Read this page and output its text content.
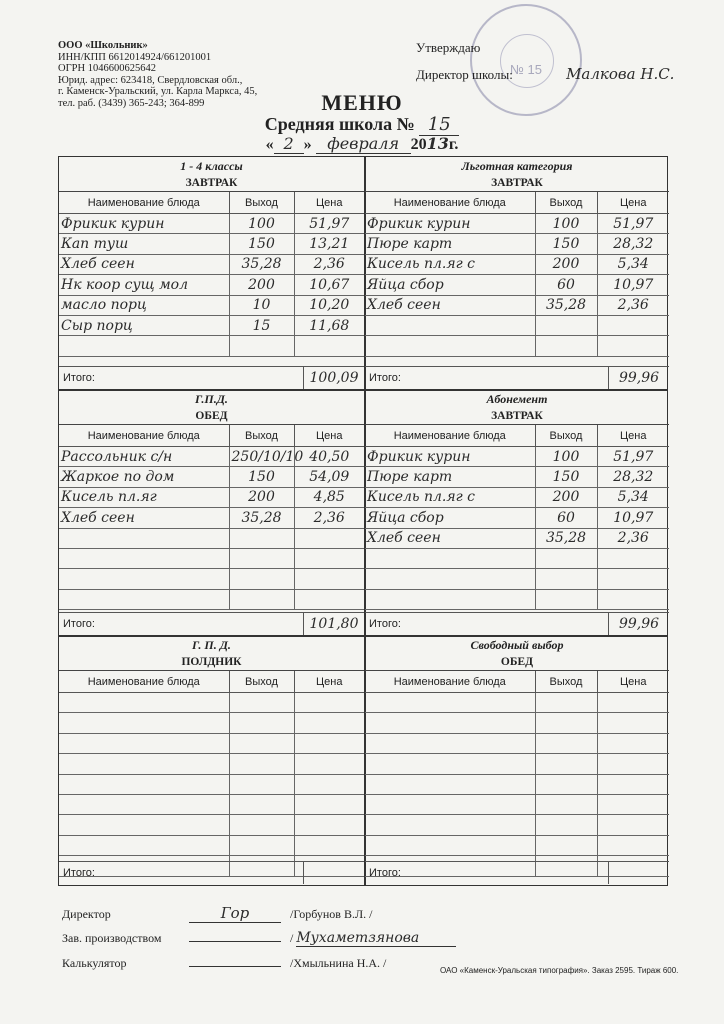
ООО «Школьник»
ИНН/КПП 6612014924/661201001
ОГРН 1046600625642
Юрид. адрес: 623418, Свердловская обл.,
г. Каменск-Уральский, ул. Карла Маркса, 45,
тел. раб. (3439) 365-243; 364-899
№ 15
Утверждаю
Директор школы:	Малкова Н.С.
МЕНЮ
Средняя школа № 15
« 2 » февраля 2013г.
1 - 4 классы
ЗАВТРАК
Наименование блюда	Выход	Цена
Фрикик курин	100	51,97
Кап туш	150	13,21
Хлеб сеен	35,28	2,36
Нк коор сущ мол	200	10,67
масло порц	10	10,20
Сыр порц	15	11,68

Итого:	100,09
Льготная категория
ЗАВТРАК
Наименование блюда	Выход	Цена
Фрикик курин	100	51,97
Пюре карт	150	28,32
Кисель пл.яг с	200	5,34
Яйца сбор	60	10,97
Хлеб сеен	35,28	2,36

Итого:	99,96
Г.П.Д.
ОБЕД
Наименование блюда	Выход	Цена
Рассольник с/н	250/10/10	40,50
Жаркое по дом	150	54,09
Кисель пл.яг	200	4,85
Хлеб сеен	35,28	2,36

Итого:	101,80
Абонемент
ЗАВТРАК
Наименование блюда	Выход	Цена
Фрикик курин	100	51,97
Пюре карт	150	28,32
Кисель пл.яг с	200	5,34
Яйца сбор	60	10,97
Хлеб сеен	35,28	2,36

Итого:	99,96
Г. П. Д.
ПОЛДНИК
Наименование блюда	Выход	Цена

Итого:
Свободный выбор
ОБЕД
Наименование блюда	Выход	Цена

Итого:
Директор	Гор	/Горбунов В.Л. /
Зав. производством	/ Мухаметзянова
Калькулятор	/Хмыльнина Н.А. /
ОАО «Каменск-Уральская типография». Заказ 2595. Тираж 600.
